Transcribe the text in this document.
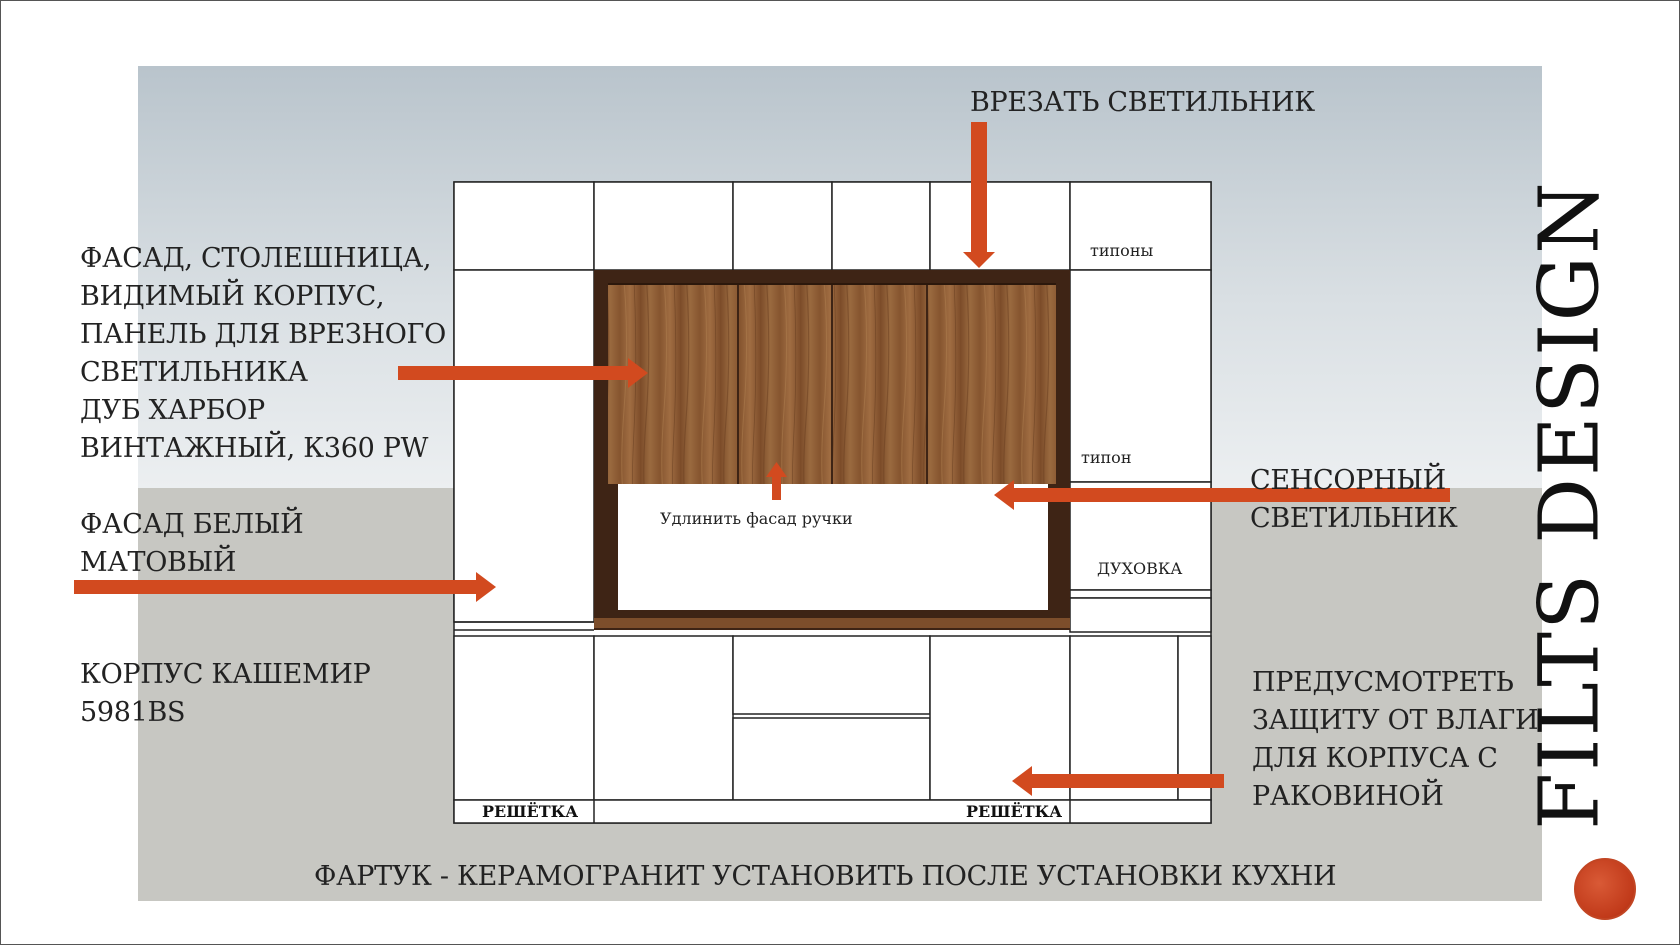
ВРЕЗАТЬ СВЕТИЛЬНИК
ФАСАД, СТОЛЕШНИЦА,
ВИДИМЫЙ КОРПУС,
ПАНЕЛЬ ДЛЯ ВРЕЗНОГО
СВЕТИЛЬНИКА
ДУБ ХАРБОР
ВИНТАЖНЫЙ, К360 PW
ФАСАД БЕЛЫЙ
МАТОВЫЙ
КОРПУС КАШЕМИР
5981BS
СЕНСОРНЫЙ
СВЕТИЛЬНИК
ПРЕДУСМОТРЕТЬ
ЗАЩИТУ ОТ ВЛАГИ
ДЛЯ КОРПУСА С
РАКОВИНОЙ
ФАРТУК - КЕРАМОГРАНИТ УСТАНОВИТЬ ПОСЛЕ УСТАНОВКИ КУХНИ
типоны
типон
ДУХОВКА
Удлинить фасад ручки
РЕШЁТКА	РЕШЁТКА	FILTS DESIGN
